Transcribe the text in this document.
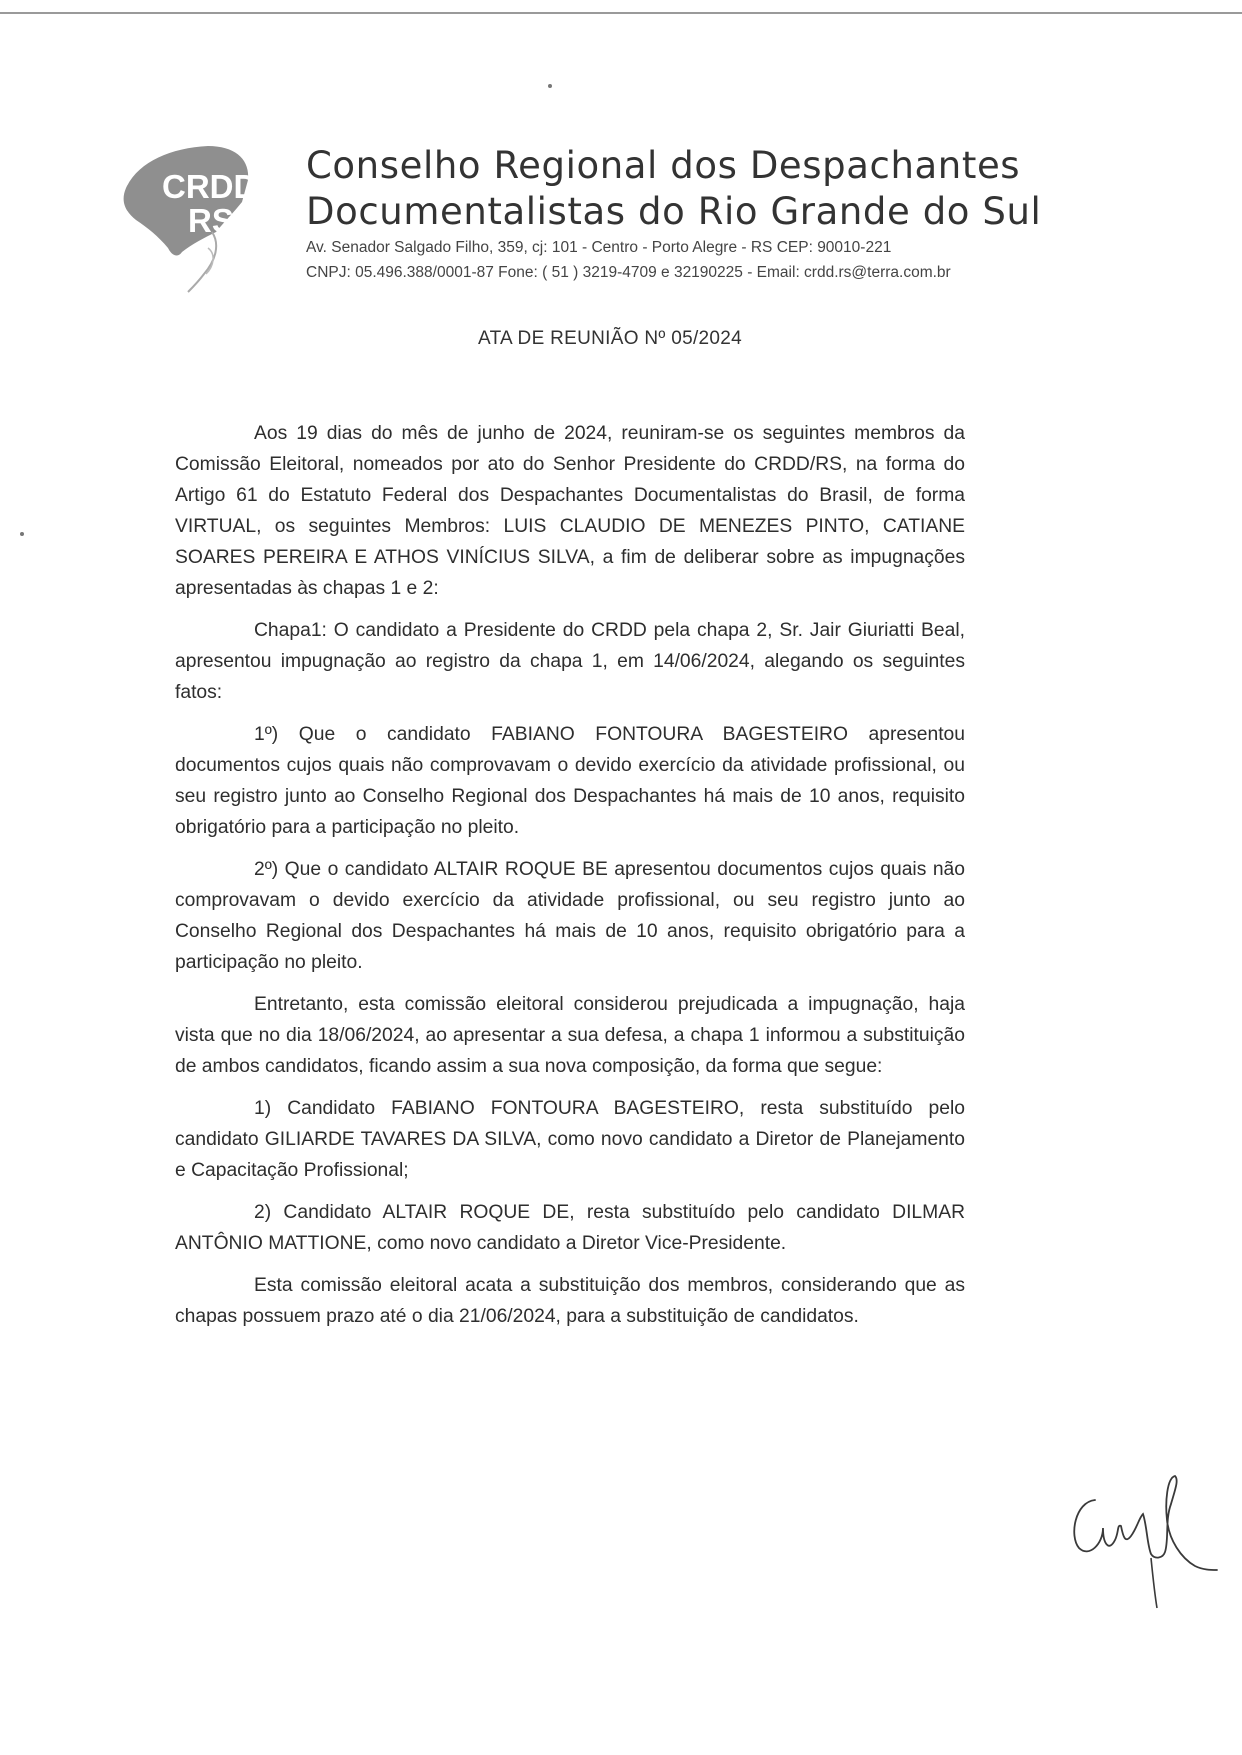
CRDD
RS
Conselho Regional dos Despachantes
Documentalistas do Rio Grande do Sul
Av. Senador Salgado Filho, 359, cj: 101 - Centro - Porto Alegre - RS CEP: 90010-221
CNPJ: 05.496.388/0001-87 Fone: ( 51 ) 3219-4709 e 32190225 - Email: crdd.rs@terra.com.br
ATA DE REUNIÃO Nº 05/2024

Aos 19 dias do mês de junho de 2024, reuniram-se os seguintes membros da Comissão Eleitoral, nomeados por ato do Senhor Presidente do CRDD/RS, na forma do Artigo 61 do Estatuto Federal dos Despachantes Documentalistas do Brasil, de forma VIRTUAL, os seguintes Membros: LUIS CLAUDIO DE MENEZES PINTO, CATIANE SOARES PEREIRA E ATHOS VINÍCIUS SILVA, a fim de deliberar sobre as impugnações apresentadas às chapas 1 e 2:

Chapa1: O candidato a Presidente do CRDD pela chapa 2, Sr. Jair Giuriatti Beal, apresentou impugnação ao registro da chapa 1, em 14/06/2024, alegando os seguintes fatos:

1º) Que o candidato FABIANO FONTOURA BAGESTEIRO apresentou documentos cujos quais não comprovavam o devido exercício da atividade profissional, ou seu registro junto ao Conselho Regional dos Despachantes há mais de 10 anos, requisito obrigatório para a participação no pleito.

2º) Que o candidato ALTAIR ROQUE BE apresentou documentos cujos quais não comprovavam o devido exercício da atividade profissional, ou seu registro junto ao Conselho Regional dos Despachantes há mais de 10 anos, requisito obrigatório para a participação no pleito.

Entretanto, esta comissão eleitoral considerou prejudicada a impugnação, haja vista que no dia 18/06/2024, ao apresentar a sua defesa, a chapa 1 informou a substituição de ambos candidatos, ficando assim a sua nova composição, da forma que segue:

1) Candidato FABIANO FONTOURA BAGESTEIRO, resta substituído pelo candidato GILIARDE TAVARES DA SILVA, como novo candidato a Diretor de Planejamento e Capacitação Profissional;

2) Candidato ALTAIR ROQUE DE, resta substituído pelo candidato DILMAR ANTÔNIO MATTIONE, como novo candidato a Diretor Vice-Presidente.

Esta comissão eleitoral acata a substituição dos membros, considerando que as chapas possuem prazo até o dia 21/06/2024, para a substituição de candidatos.
